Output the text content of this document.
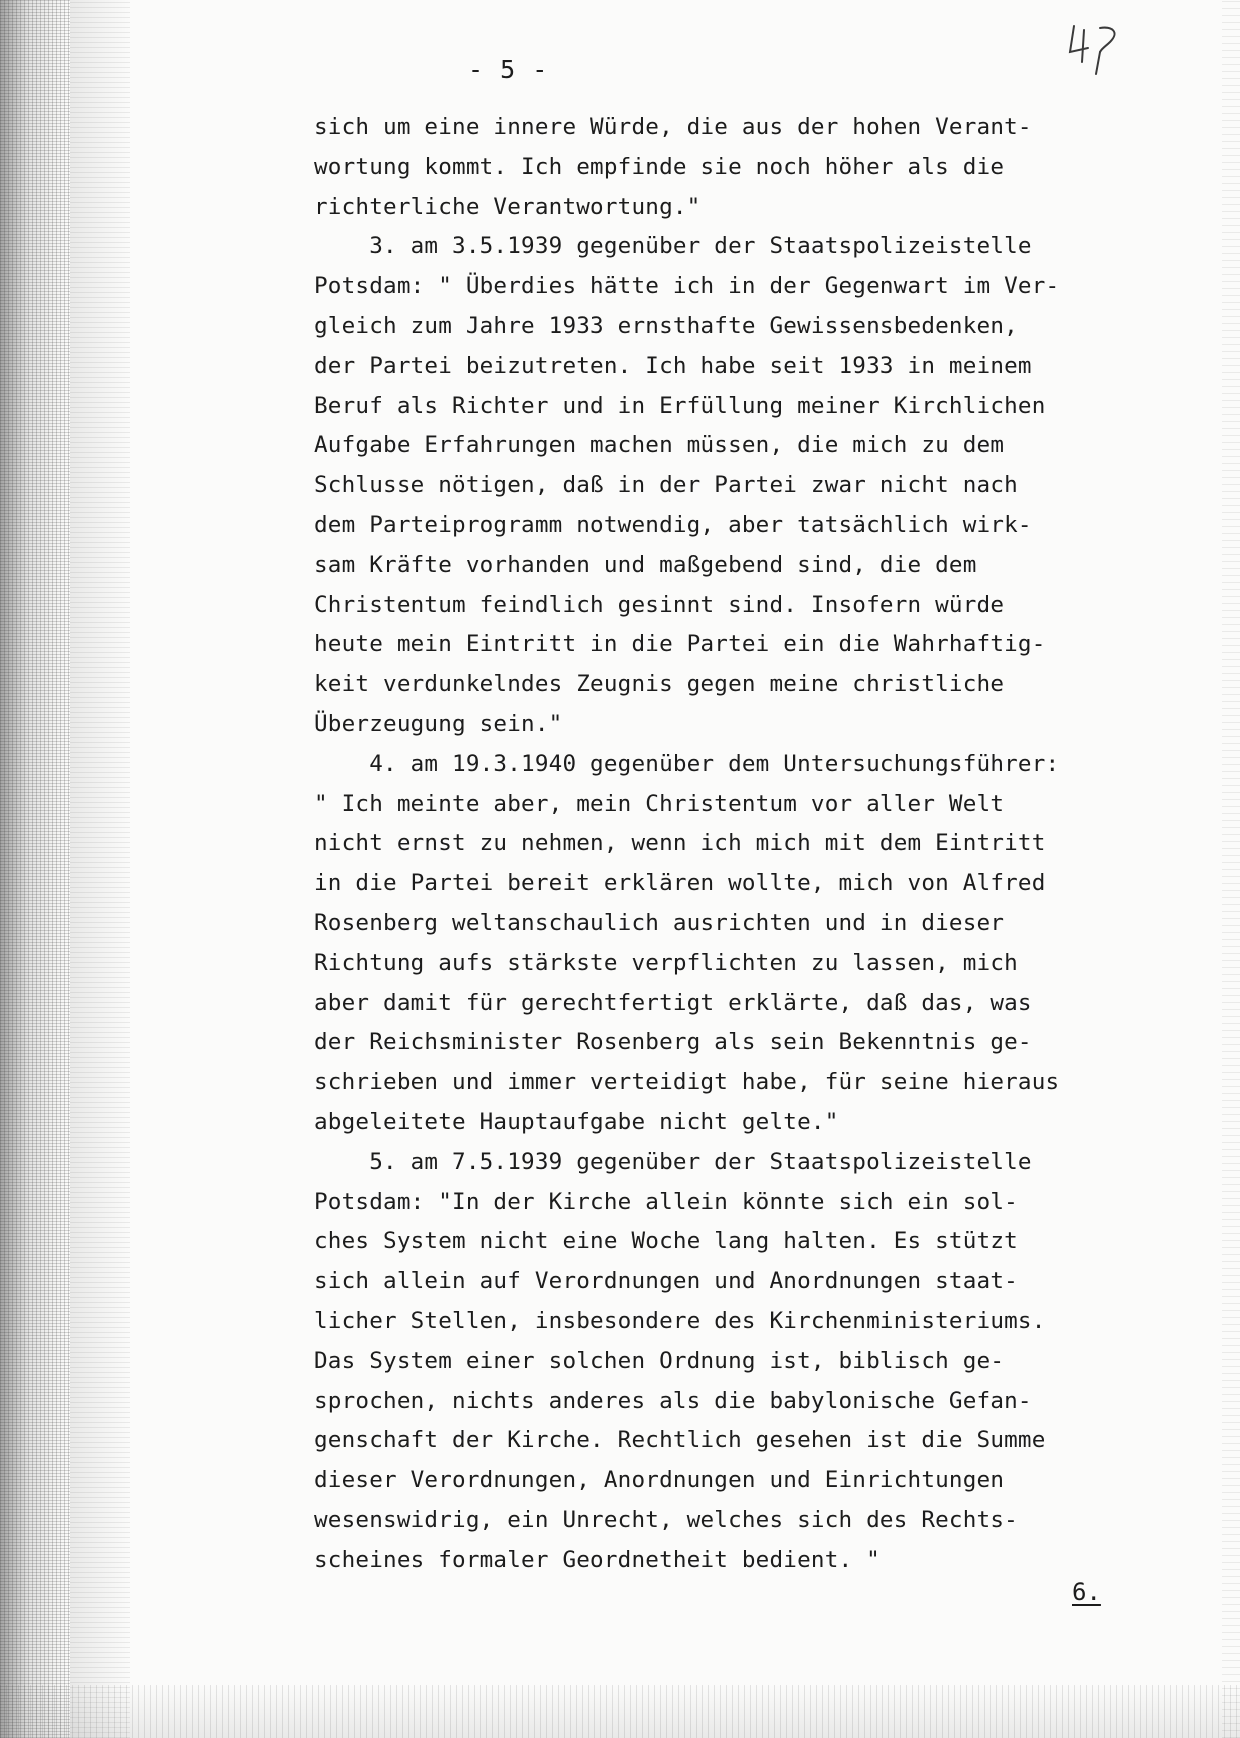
- 5 -
sich um eine innere Würde, die aus der hohen Verant-
wortung kommt. Ich empfinde sie noch höher als die
richterliche Verantwortung."
3. am 3.5.1939 gegenüber der Staatspolizeistelle
Potsdam: " Überdies hätte ich in der Gegenwart im Ver-
gleich zum Jahre 1933 ernsthafte Gewissensbedenken,
der Partei beizutreten. Ich habe seit 1933 in meinem
Beruf als Richter und in Erfüllung meiner Kirchlichen
Aufgabe Erfahrungen machen müssen, die mich zu dem
Schlusse nötigen, daß in der Partei zwar nicht nach
dem Parteiprogramm notwendig, aber tatsächlich wirk-
sam Kräfte vorhanden und maßgebend sind, die dem
Christentum feindlich gesinnt sind. Insofern würde
heute mein Eintritt in die Partei ein die Wahrhaftig-
keit verdunkelndes Zeugnis gegen meine christliche
Überzeugung sein."
4. am 19.3.1940 gegenüber dem Untersuchungsführer:
" Ich meinte aber, mein Christentum vor aller Welt
nicht ernst zu nehmen, wenn ich mich mit dem Eintritt
in die Partei bereit erklären wollte, mich von Alfred
Rosenberg weltanschaulich ausrichten und in dieser
Richtung aufs stärkste verpflichten zu lassen, mich
aber damit für gerechtfertigt erklärte, daß das, was
der Reichsminister Rosenberg als sein Bekenntnis ge-
schrieben und immer verteidigt habe, für seine hieraus
abgeleitete Hauptaufgabe nicht gelte."
5. am 7.5.1939 gegenüber der Staatspolizeistelle
Potsdam: "In der Kirche allein könnte sich ein sol-
ches System nicht eine Woche lang halten. Es stützt
sich allein auf Verordnungen und Anordnungen staat-
licher Stellen, insbesondere des Kirchenministeriums.
Das System einer solchen Ordnung ist, biblisch ge-
sprochen, nichts anderes als die babylonische Gefan-
genschaft der Kirche. Rechtlich gesehen ist die Summe
dieser Verordnungen, Anordnungen und Einrichtungen
wesenswidrig, ein Unrecht, welches sich des Rechts-
scheines formaler Geordnetheit bedient. "
6.
